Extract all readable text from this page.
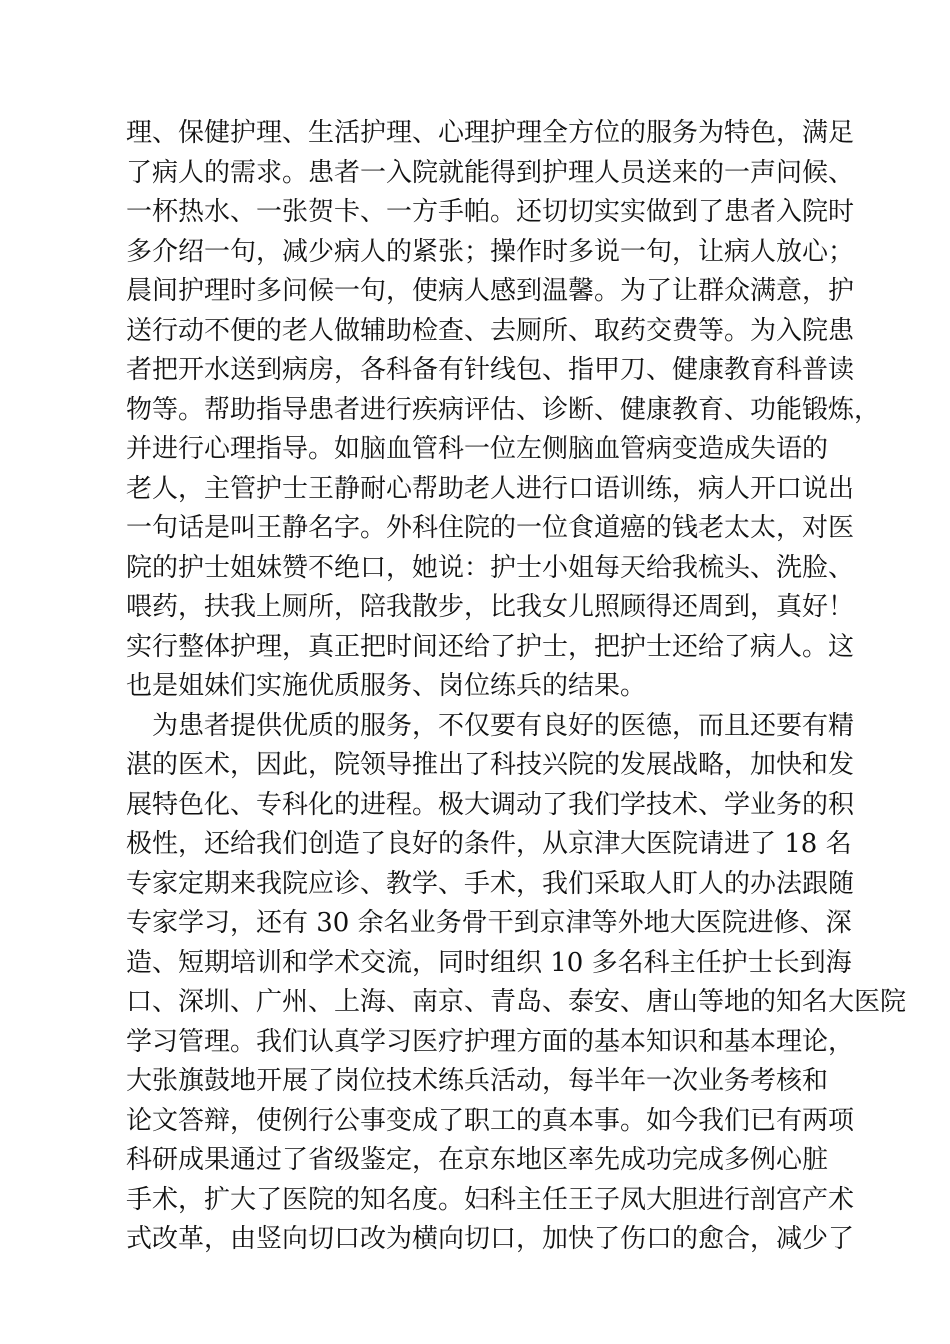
理、保健护理、生活护理、心理护理全方位的服务为特色，满足
了病人的需求。患者一入院就能得到护理人员送来的一声问候、
一杯热水、一张贺卡、一方手帕。还切切实实做到了患者入院时
多介绍一句，减少病人的紧张；操作时多说一句，让病人放心；
晨间护理时多问候一句，使病人感到温馨。为了让群众满意，护
送行动不便的老人做辅助检查、去厕所、取药交费等。为入院患
者把开水送到病房，各科备有针线包、指甲刀、健康教育科普读
物等。帮助指导患者进行疾病评估、诊断、健康教育、功能锻炼，
并进行心理指导。如脑血管科一位左侧脑血管病变造成失语的
老人，主管护士王静耐心帮助老人进行口语训练，病人开口说出
一句话是叫王静名字。外科住院的一位食道癌的钱老太太，对医
院的护士姐妹赞不绝口，她说：护士小姐每天给我梳头、洗脸、
喂药，扶我上厕所，陪我散步，比我女儿照顾得还周到，真好！
实行整体护理，真正把时间还给了护士，把护士还给了病人。这
也是姐妹们实施优质服务、岗位练兵的结果。
为患者提供优质的服务，不仅要有良好的医德，而且还要有精
湛的医术，因此，院领导推出了科技兴院的发展战略，加快和发
展特色化、专科化的进程。极大调动了我们学技术、学业务的积
极性，还给我们创造了良好的条件，从京津大医院请进了 18 名
专家定期来我院应诊、教学、手术，我们采取人盯人的办法跟随
专家学习，还有 30 余名业务骨干到京津等外地大医院进修、深
造、短期培训和学术交流，同时组织 10 多名科主任护士长到海
口、深圳、广州、上海、南京、青岛、泰安、唐山等地的知名大医院
学习管理。我们认真学习医疗护理方面的基本知识和基本理论，
大张旗鼓地开展了岗位技术练兵活动，每半年一次业务考核和
论文答辩，使例行公事变成了职工的真本事。如今我们已有两项
科研成果通过了省级鉴定，在京东地区率先成功完成多例心脏
手术，扩大了医院的知名度。妇科主任王子凤大胆进行剖宫产术
式改革，由竖向切口改为横向切口，加快了伤口的愈合，减少了
